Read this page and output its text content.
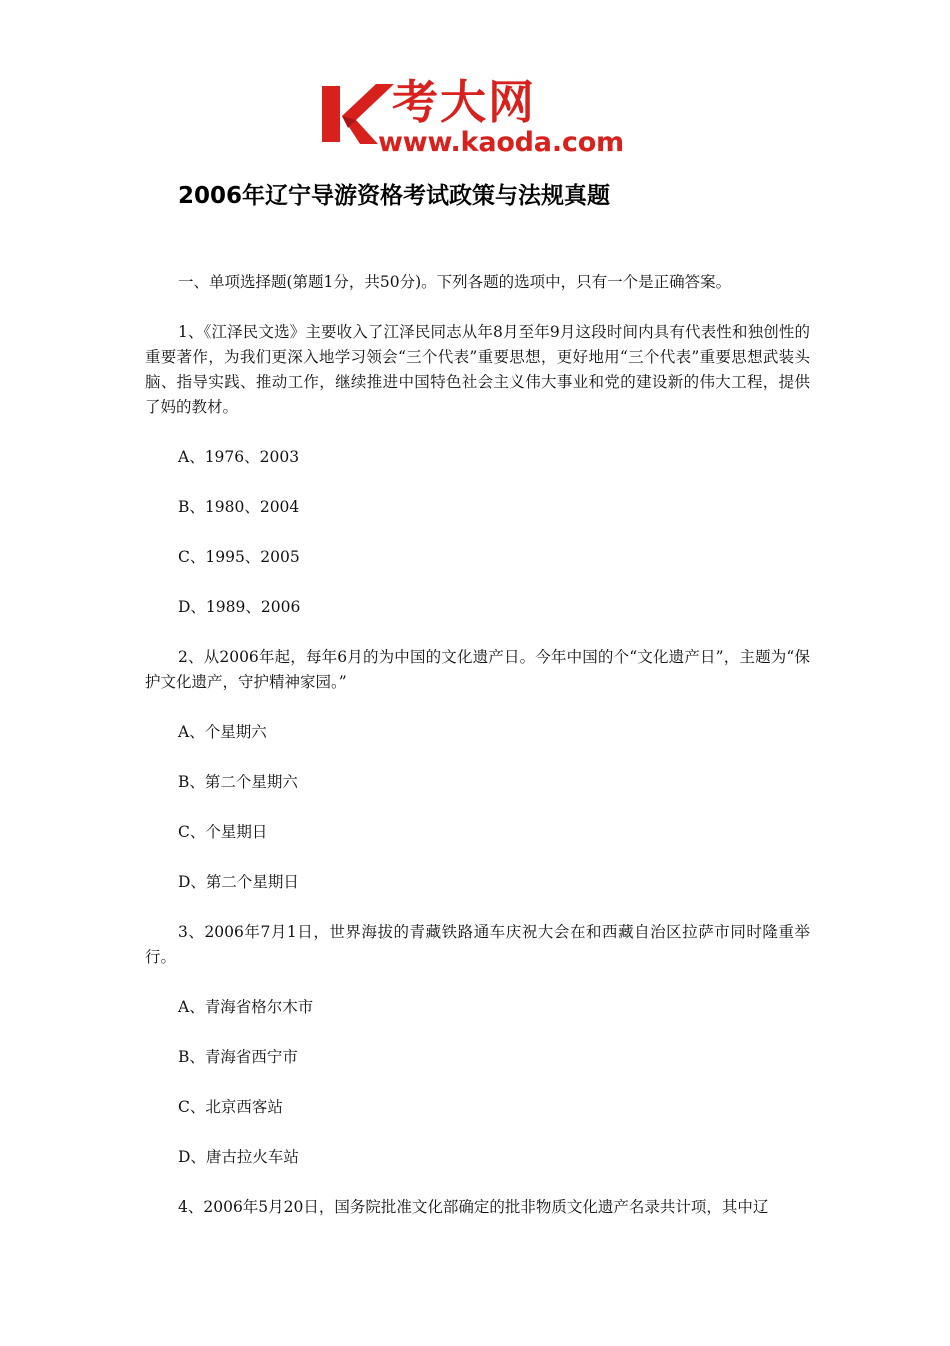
考大网
www.kaoda.com
2006年辽宁导游资格考试政策与法规真题

一、单项选择题(第题1分，共50分)。下列各题的选项中，只有一个是正确答案。

1、《江泽民文选》主要收入了江泽民同志从年8月至年9月这段时间内具有代表性和独创性的重要著作，为我们更深入地学习领会“三个代表”重要思想，更好地用“三个代表”重要思想武装头脑、指导实践、推动工作，继续推进中国特色社会主义伟大事业和党的建设新的伟大工程，提供了妈的教材。

A、1976、2003

B、1980、2004

C、1995、2005

D、1989、2006

2、从2006年起，每年6月的为中国的文化遗产日。今年中国的个“文化遗产日”，主题为“保护文化遗产，守护精神家园。”

A、个星期六

B、第二个星期六

C、个星期日

D、第二个星期日

3、2006年7月1日，世界海拔的青藏铁路通车庆祝大会在和西藏自治区拉萨市同时隆重举行。

A、青海省格尔木市

B、青海省西宁市

C、北京西客站

D、唐古拉火车站

4、2006年5月20日，国务院批准文化部确定的批非物质文化遗产名录共计项，其中辽
